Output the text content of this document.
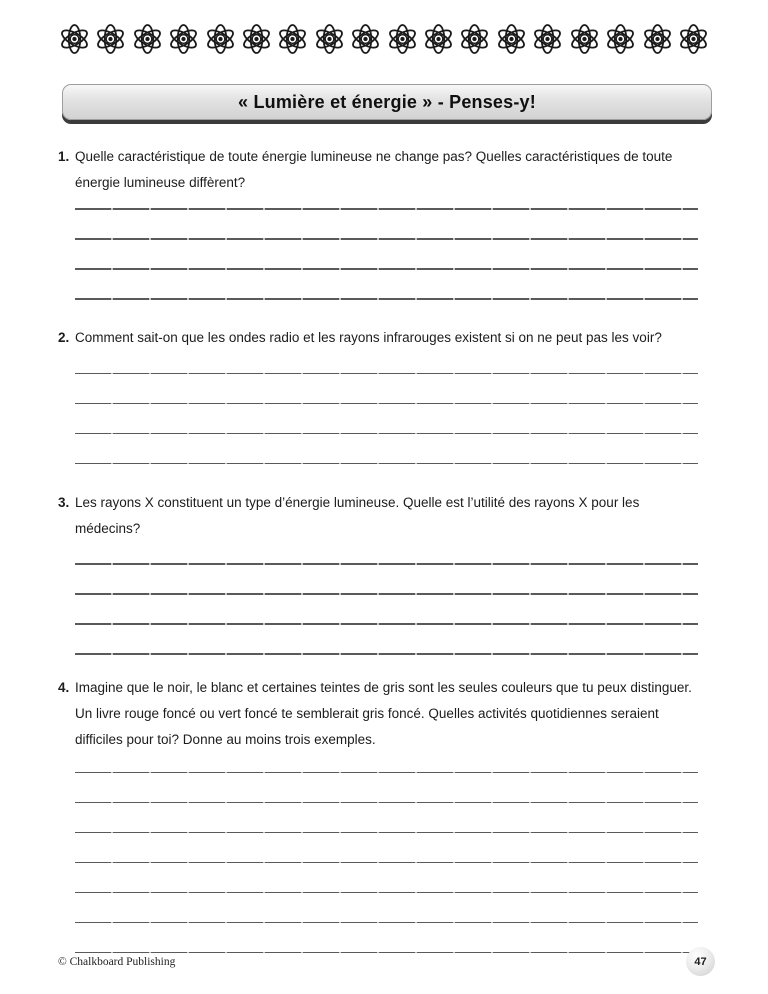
« Lumière et énergie » - Penses-y!
1. Quelle caractéristique de toute énergie lumineuse ne change pas? Quelles caractéristiques de toute énergie lumineuse diffèrent?
2. Comment sait-on que les ondes radio et les rayons infrarouges existent si on ne peut pas les voir?
3. Les rayons X constituent un type d’énergie lumineuse. Quelle est l’utilité des rayons X pour les médecins?
4. Imagine que le noir, le blanc et certaines teintes de gris sont les seules couleurs que tu peux distinguer. Un livre rouge foncé ou vert foncé te semblerait gris foncé. Quelles activités quotidiennes seraient difficiles pour toi? Donne au moins trois exemples.
© Chalkboard Publishing	47
